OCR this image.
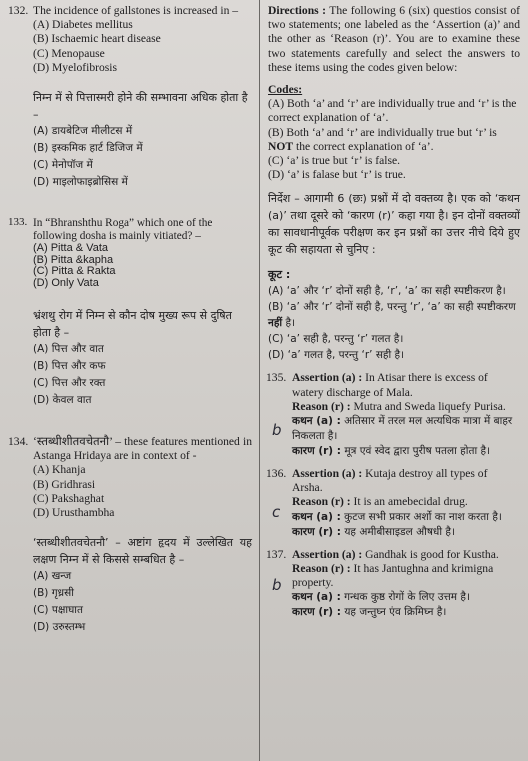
132. The incidence of gallstones is increased in –
(A) Diabetes mellitus
(B) Ischaemic heart disease
(C) Menopause
(D) Myelofibrosis
निम्न में से पित्तास्मरी होने की सम्भावना अधिक होता है –
(A) डायबेटिज मीलीटस में
(B) इस्कमिक हार्ट डिजिज में
(C) मेनोपॉज में
(D) माइलोफाइब्रोसिस में
133. In “Bhranshthu Roga” which one of the following dosha is mainly vitiated? –
(A) Pitta & Vata
(B) Pitta &kapha
(C) Pitta & Rakta
(D) Only Vata
भ्रंशथु रोग में निम्न से कौन दोष मुख्य रूप से दुषित होता है –
(A) पित्त और वात
(B) पित्त और कफ
(C) पित्त और रक्त
(D) केवल वात
134. ‘स्तब्धीशीतवचेतनौ’ – these features mentioned in Astanga Hridaya are in context of -
(A) Khanja
(B) Gridhrasi
(C) Pakshaghat
(D) Urusthambha
‘स्तब्धीशीतवचेतनौ’ – अष्टांग हृदय में उल्लेखित यह लक्षण निम्न में से किससे सम्बधित है –
(A) खन्ज
(B) गृध्रसी
(C) पक्षाघात
(D) उरुस्तम्भ
Directions : The following 6 (six) questios consist of two statements; one labeled as the ‘Assertion (a)’ and the other as ‘Reason (r)’. You are to examine these two statements carefully and select the answers to these items using the codes given below:
Codes:
(A) Both ‘a’ and ‘r’ are individually true and ‘r’ is the correct explanation of ‘a’.
(B) Both ‘a’ and ‘r’ are individually true but ‘r’ is NOT the correct explanation of ‘a’.
(C) ‘a’ is true but ‘r’ is false.
(D) ‘a’ is falase but ‘r’ is true.
निर्देश – आगामी 6 (छः) प्रश्नों में दो वक्तव्य है। एक को ‘कथन (a)’ तथा दूसरे को ‘कारण (r)’ कहा गया है। इन दोनों वक्तव्यों का सावधानीपूर्वक परीक्षण कर इन प्रश्नों का उत्तर नीचे दिये हुए कूट की सहायता से चुनिए :
कूट :
(A) ‘a’ और ‘r’ दोनों सही है, ‘r’, ‘a’ का सही स्पष्टीकरण है।
(B) ‘a’ और ‘r’ दोनों सही है, परन्तु ‘r’, ‘a’ का सही स्पष्टीकरण नहीं है।
(C) ‘a’ सही है, परन्तु ‘r’ गलत है।
(D) ‘a’ गलत है, परन्तु ‘r’ सही है।
135. Assertion (a) : In Atisar there is excess of watery discharge of Mala.
Reason (r) : Mutra and Sweda liquefy Purisa.
कथन (a) : अतिसार में तरल मल अत्यधिक मात्रा में बाहर निकलता है।
कारण (r) : मूत्र एवं स्वेद द्वारा पुरीष पतला होता है।
b
136. Assertion (a) : Kutaja destroy all types of Arsha.
Reason (r) : It is an amebecidal drug.
कथन (a) : कुटज सभी प्रकार अर्शो का नाश करता है।
कारण (r) : यह अमीबीसाइडल औषधी है।
c
137. Assertion (a) : Gandhak is good for Kustha.
Reason (r) : It has Jantughna and krimigna property.
कथन (a) : गन्धक कुष्ठ रोगों के लिए उत्तम है।
कारण (r) : यह जन्तुघ्न एंव क्रिमिघ्न है।
b
